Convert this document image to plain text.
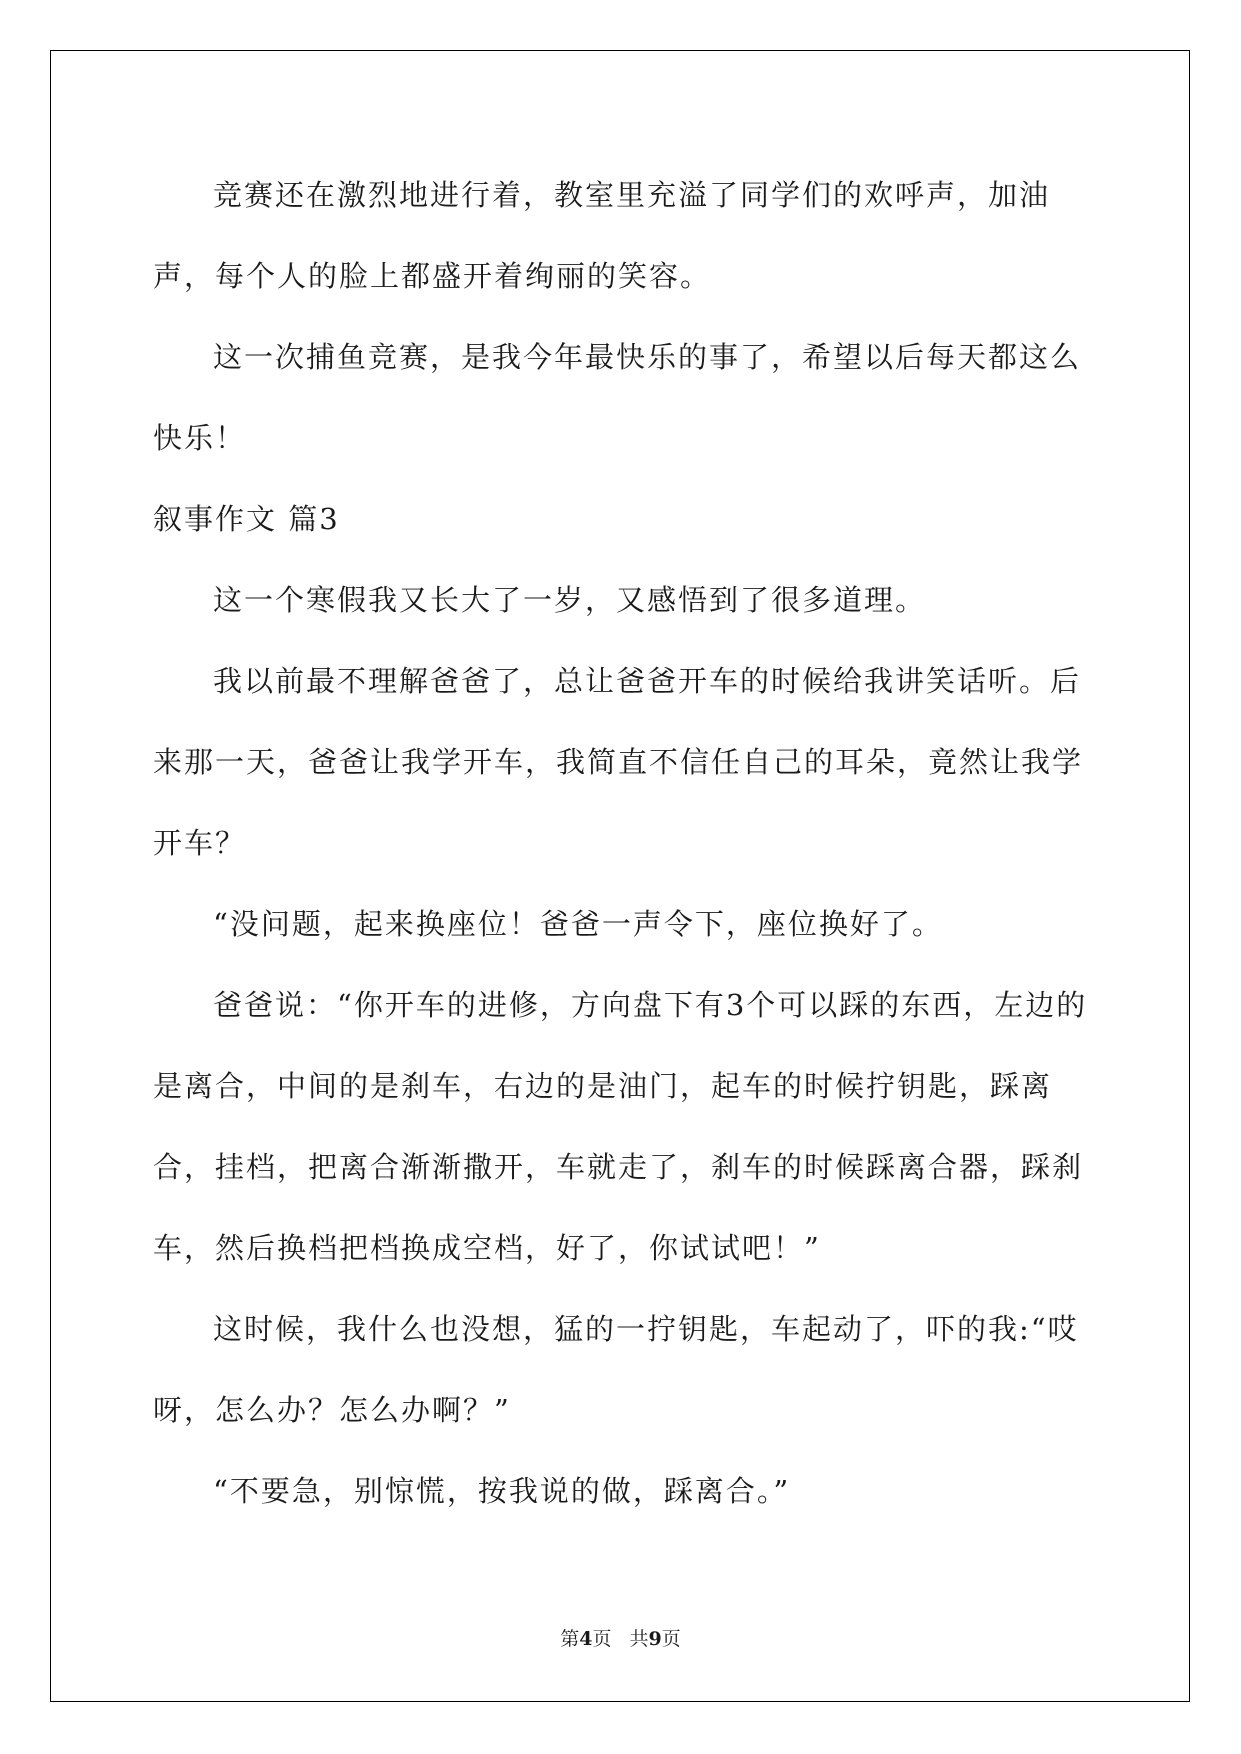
竞赛还在激烈地进行着，教室里充溢了同学们的欢呼声，加油声，每个人的脸上都盛开着绚丽的笑容。

这一次捕鱼竞赛，是我今年最快乐的事了，希望以后每天都这么快乐！

叙事作文 篇3

这一个寒假我又长大了一岁，又感悟到了很多道理。

我以前最不理解爸爸了，总让爸爸开车的时候给我讲笑话听。后来那一天，爸爸让我学开车，我简直不信任自己的耳朵，竟然让我学开车？

“没问题，起来换座位！爸爸一声令下，座位换好了。

爸爸说：“你开车的进修，方向盘下有3个可以踩的东西，左边的是离合，中间的是刹车，右边的是油门，起车的时候拧钥匙，踩离合，挂档，把离合渐渐撒开，车就走了，刹车的时候踩离合器，踩刹车，然后换档把档换成空档，好了，你试试吧！”

这时候，我什么也没想，猛的一拧钥匙，车起动了，吓的我:“哎呀，怎么办？怎么办啊？”

“不要急，别惊慌，按我说的做，踩离合。”

第4页 共9页
